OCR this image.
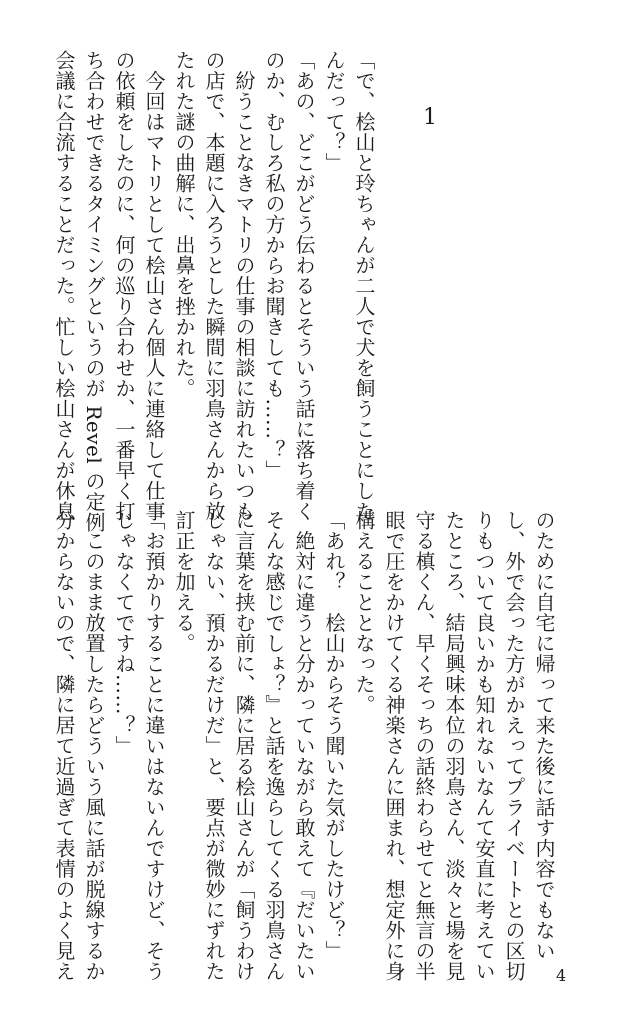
1

「で、桧山と玲ちゃんが二人で犬を飼うことにした

んだって？」

「あの、どこがどう伝わるとそういう話に落ち着く

のか、むしろ私の方からお聞きしても……？」

　紛うことなきマトリの仕事の相談に訪れたいつも

の店で、本題に入ろうとした瞬間に羽鳥さんから放

たれた謎の曲解に、出鼻を挫かれた。

　今回はマトリとして桧山さん個人に連絡して仕事

の依頼をしたのに、何の巡り合わせか、一番早く打

ち合わせできるタイミングというのが Revel の定例

会議に合流することだった。忙しい桧山さんが休息

のために自宅に帰って来た後に話す内容でもない

し、外で会った方がかえってプライベートとの区切

りもついて良いかも知れないなんて安直に考えてい

たところ、結局興味本位の羽鳥さん、淡々と場を見

守る槙くん、早くそっちの話終わらせてと無言の半

眼で圧をかけてくる神楽さんに囲まれ、想定外に身

構えることとなった。

「あれ？　桧山からそう聞いた気がしたけど？」

　絶対に違うと分かっていながら敢えて『だいたい

そんな感じでしょ？』と話を逸らしてくる羽鳥さん

に言葉を挟む前に、隣に居る桧山さんが「飼うわけ

じゃない、預かるだけだ」と、要点が微妙にずれた

訂正を加える。

「お預かりすることに違いはないんですけど、そう

じゃなくてですね……？」

　このまま放置したらどういう風に話が脱線するか

分からないので、隣に居て近過ぎて表情のよく見え	4
